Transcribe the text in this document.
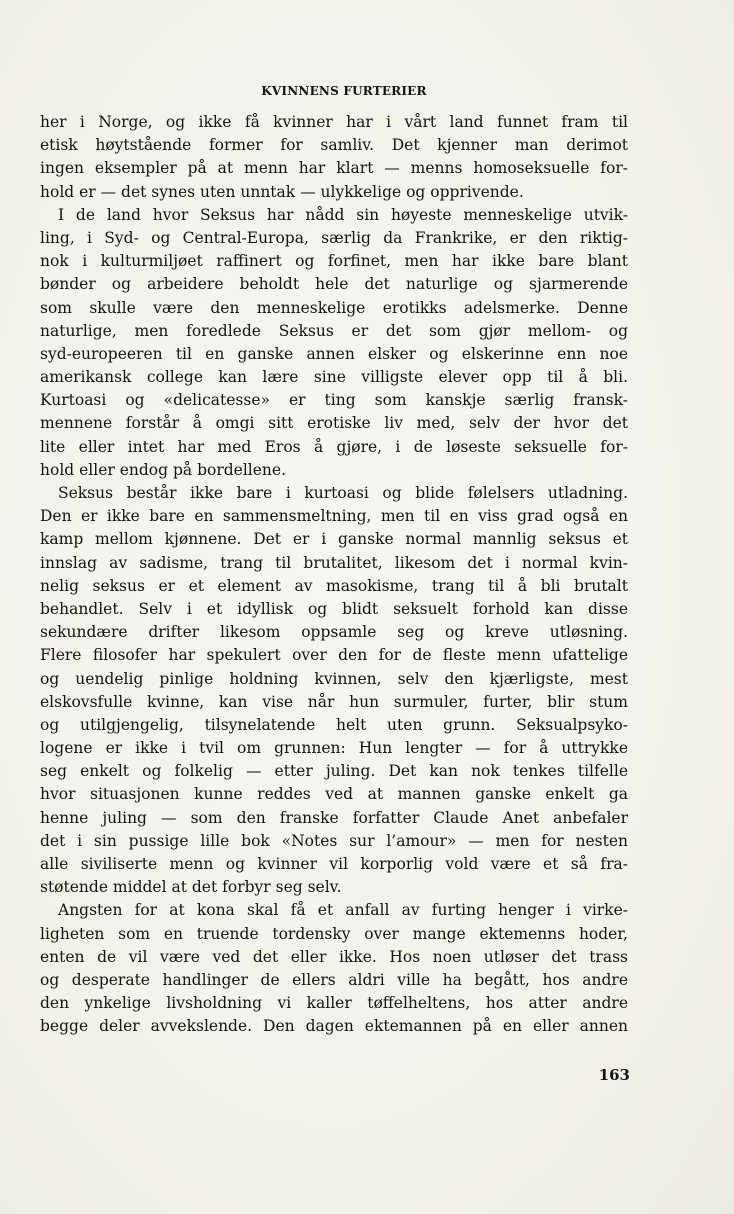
KVINNENS FURTERIER
her i Norge, og ikke få kvinner har i vårt land funnet fram til
etisk høytstående former for samliv. Det kjenner man derimot
ingen eksempler på at menn har klart — menns homoseksuelle for-
hold er — det synes uten unntak — ulykkelige og opprivende.
I de land hvor Seksus har nådd sin høyeste menneskelige utvik-
ling, i Syd- og Central-Europa, særlig da Frankrike, er den riktig-
nok i kulturmiljøet raffinert og forfinet, men har ikke bare blant
bønder og arbeidere beholdt hele det naturlige og sjarmerende
som skulle være den menneskelige erotikks adelsmerke. Denne
naturlige, men foredlede Seksus er det som gjør mellom- og
syd-europeeren til en ganske annen elsker og elskerinne enn noe
amerikansk college kan lære sine villigste elever opp til å bli.
Kurtoasi og «delicatesse» er ting som kanskje særlig fransk-
mennene forstår å omgi sitt erotiske liv med, selv der hvor det
lite eller intet har med Eros å gjøre, i de løseste seksuelle for-
hold eller endog på bordellene.
Seksus består ikke bare i kurtoasi og blide følelsers utladning.
Den er ikke bare en sammensmeltning, men til en viss grad også en
kamp mellom kjønnene. Det er i ganske normal mannlig seksus et
innslag av sadisme, trang til brutalitet, likesom det i normal kvin-
nelig seksus er et element av masokisme, trang til å bli brutalt
behandlet. Selv i et idyllisk og blidt seksuelt forhold kan disse
sekundære drifter likesom oppsamle seg og kreve utløsning.
Flere filosofer har spekulert over den for de fleste menn ufattelige
og uendelig pinlige holdning kvinnen, selv den kjærligste, mest
elskovsfulle kvinne, kan vise når hun surmuler, furter, blir stum
og utilgjengelig, tilsynelatende helt uten grunn. Seksualpsyko-
logene er ikke i tvil om grunnen: Hun lengter — for å uttrykke
seg enkelt og folkelig — etter juling. Det kan nok tenkes tilfelle
hvor situasjonen kunne reddes ved at mannen ganske enkelt ga
henne juling — som den franske forfatter Claude Anet anbefaler
det i sin pussige lille bok «Notes sur l’amour» — men for nesten
alle siviliserte menn og kvinner vil korporlig vold være et så fra-
støtende middel at det forbyr seg selv.
Angsten for at kona skal få et anfall av furting henger i virke-
ligheten som en truende tordensky over mange ektemenns hoder,
enten de vil være ved det eller ikke. Hos noen utløser det trass
og desperate handlinger de ellers aldri ville ha begått, hos andre
den ynkelige livsholdning vi kaller tøffelheltens, hos atter andre
begge deler avvekslende. Den dagen ektemannen på en eller annen
163
